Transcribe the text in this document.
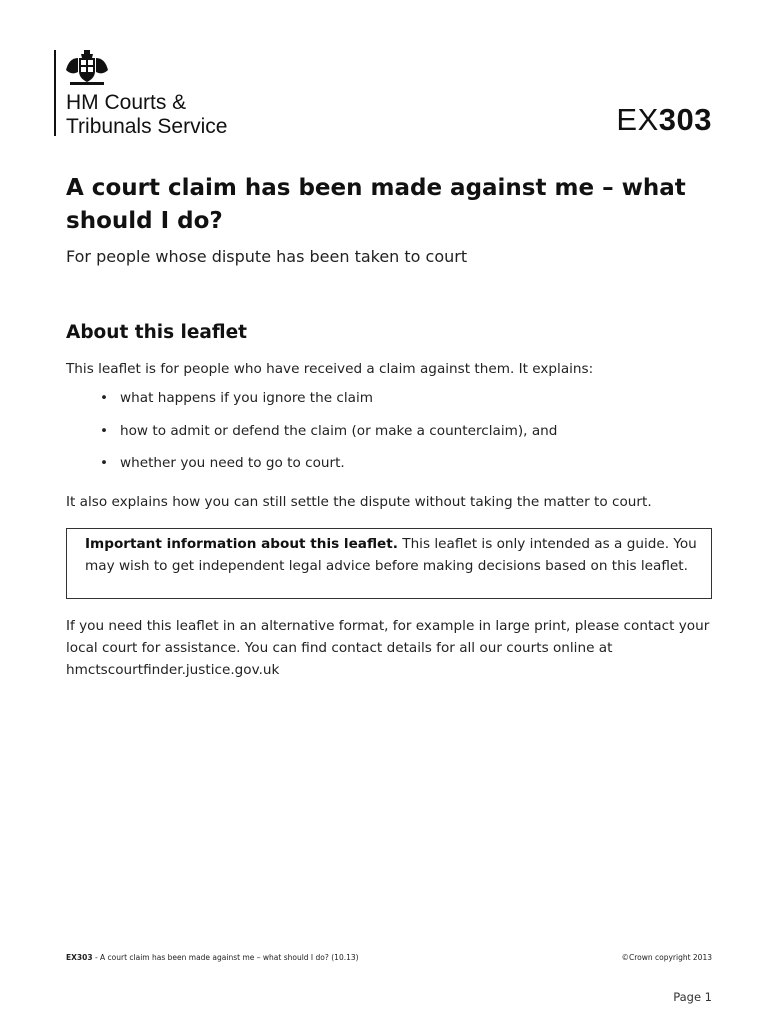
HM Courts &
Tribunals Service	EX303
A court claim has been made against me – what should I do?
For people whose dispute has been taken to court
About this leaflet
This leaflet is for people who have received a claim against them. It explains:
• what happens if you ignore the claim
• how to admit or defend the claim (or make a counterclaim), and
• whether you need to go to court.
It also explains how you can still settle the dispute without taking the matter to court.
Important information about this leaflet. This leaflet is only intended as a guide. You may wish to get independent legal advice before making decisions based on this leaflet.
If you need this leaflet in an alternative format, for example in large print, please contact your local court for assistance. You can find contact details for all our courts online at hmctscourtfinder.justice.gov.uk
EX303 - A court claim has been made against me – what should I do? (10.13)	©Crown copyright 2013
Page 1
